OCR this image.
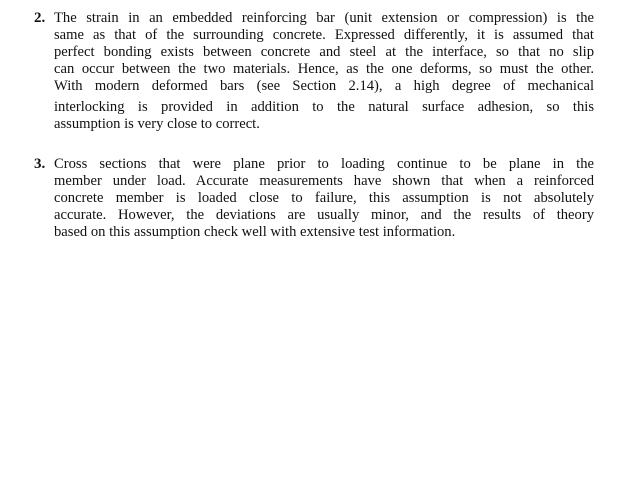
2. The strain in an embedded reinforcing bar (unit extension or compression) is the
same as that of the surrounding concrete. Expressed differently, it is assumed that
perfect bonding exists between concrete and steel at the interface, so that no slip
can occur between the two materials. Hence, as the one deforms, so must the other.
With modern deformed bars (see Section 2.14), a high degree of mechanical
interlocking is provided in addition to the natural surface adhesion, so this
assumption is very close to correct.
3. Cross sections that were plane prior to loading continue to be plane in the
member under load. Accurate measurements have shown that when a reinforced
concrete member is loaded close to failure, this assumption is not absolutely
accurate. However, the deviations are usually minor, and the results of theory
based on this assumption check well with extensive test information.
